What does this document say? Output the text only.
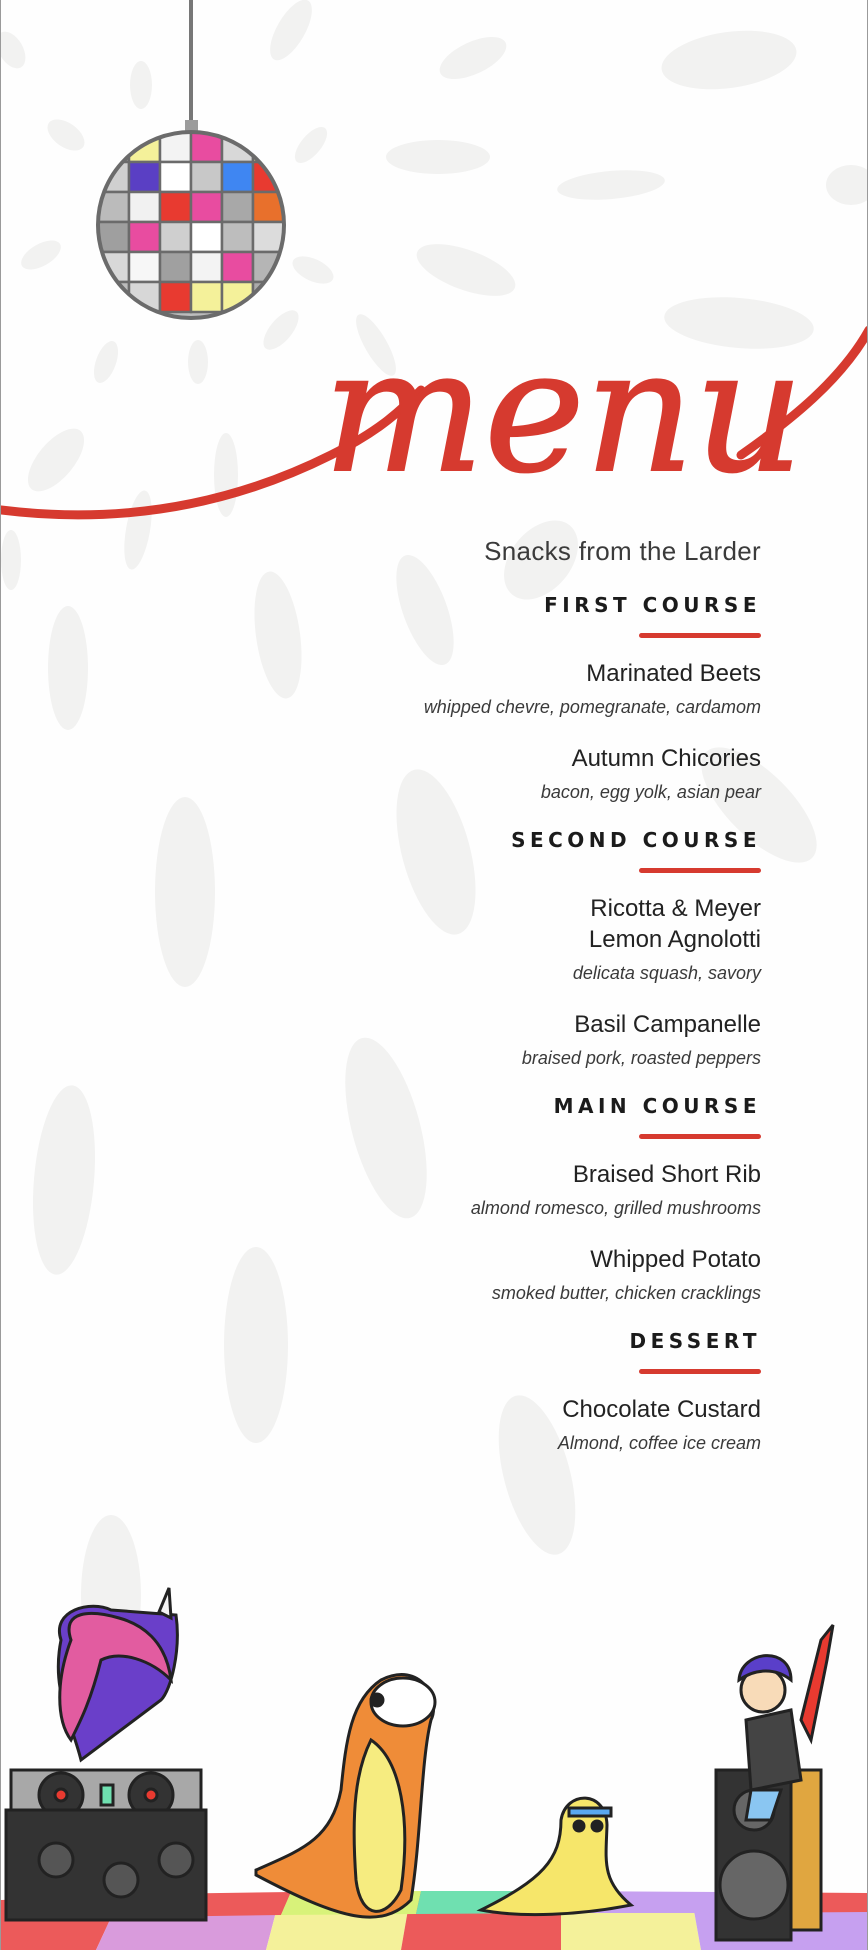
menu
Snacks from the Larder
FIRST COURSE
Marinated Beets
whipped chevre, pomegranate, cardamom
Autumn Chicories
bacon, egg yolk, asian pear
SECOND COURSE
Ricotta & Meyer
Lemon Agnolotti
delicata squash, savory
Basil Campanelle
braised pork, roasted peppers
MAIN COURSE
Braised Short Rib
almond romesco, grilled mushrooms
Whipped Potato
smoked butter, chicken cracklings
DESSERT
Chocolate Custard
Almond, coffee ice cream
